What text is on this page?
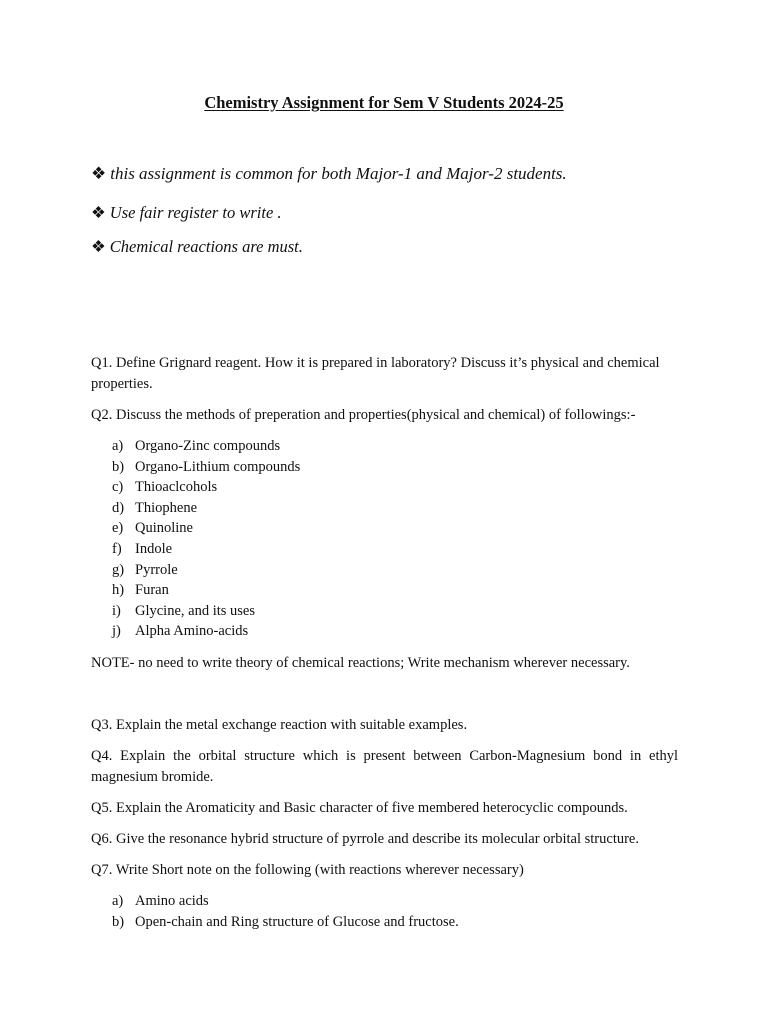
Chemistry Assignment for Sem V Students 2024-25
❖ this assignment is common for both Major-1 and Major-2 students.
❖ Use fair register to write .
❖ Chemical reactions are must.
Q1. Define Grignard reagent. How it is prepared in laboratory? Discuss it’s physical and chemical properties.
Q2. Discuss the methods of preperation and properties(physical and chemical) of followings:-
a) Organo-Zinc compounds
b) Organo-Lithium compounds
c) Thioaclcohols
d) Thiophene
e) Quinoline
f) Indole
g) Pyrrole
h) Furan
i) Glycine, and its uses
j) Alpha Amino-acids
NOTE- no need to write theory of chemical reactions; Write mechanism wherever necessary.
Q3. Explain the metal exchange reaction with suitable examples.
Q4. Explain the orbital structure which is present between Carbon-Magnesium bond in ethyl magnesium bromide.
Q5. Explain the Aromaticity and Basic character of five membered heterocyclic compounds.
Q6. Give the resonance hybrid structure of pyrrole and describe its molecular orbital structure.
Q7. Write Short note on the following (with reactions wherever necessary)
a) Amino acids
b) Open-chain and Ring structure of Glucose and fructose.
